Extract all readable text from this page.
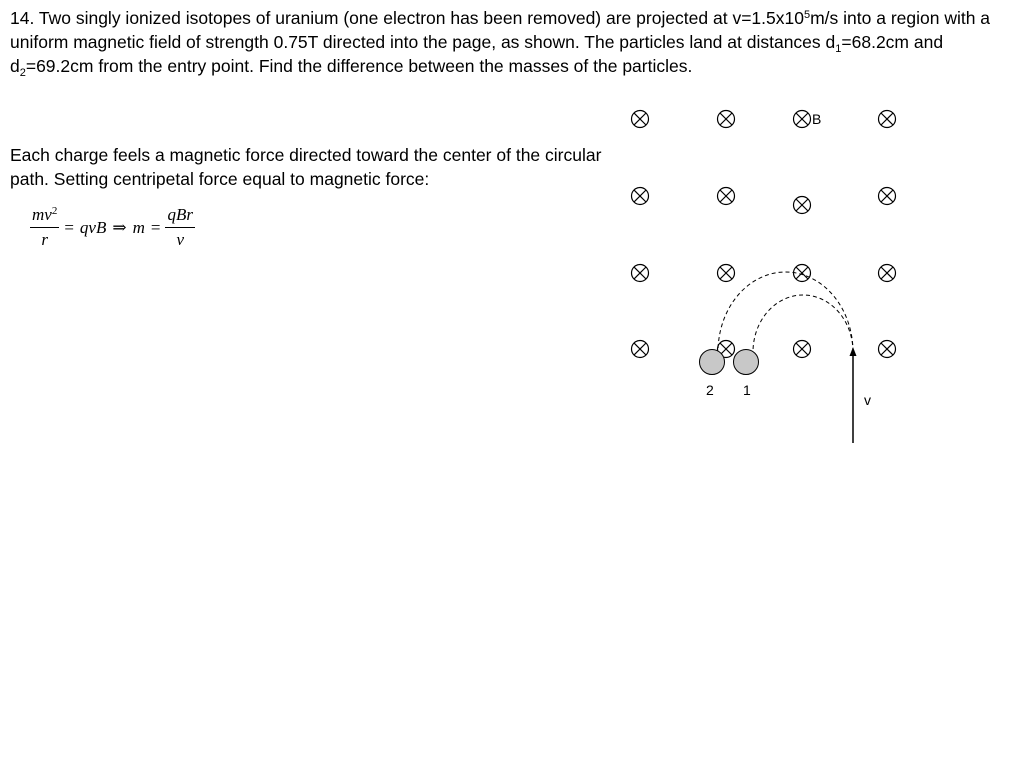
14. Two singly ionized isotopes of uranium (one electron has been removed) are projected at $v=1.5x10^5m/s$ into a region with a uniform magnetic field of strength 0.75T directed into the page, as shown. The particles land at distances $d_1=68.2cm$ and $d_2=69.2cm$ from the entry point. Find the difference between the masses of the particles.

Each charge feels a magnetic force directed toward the center of the circular path. Setting centripetal force equal to magnetic force:

$\frac{mv^2}{r}$ = qvB ⇒ $m = \frac{\text{qBr}}{v}$
B
2 1
v
